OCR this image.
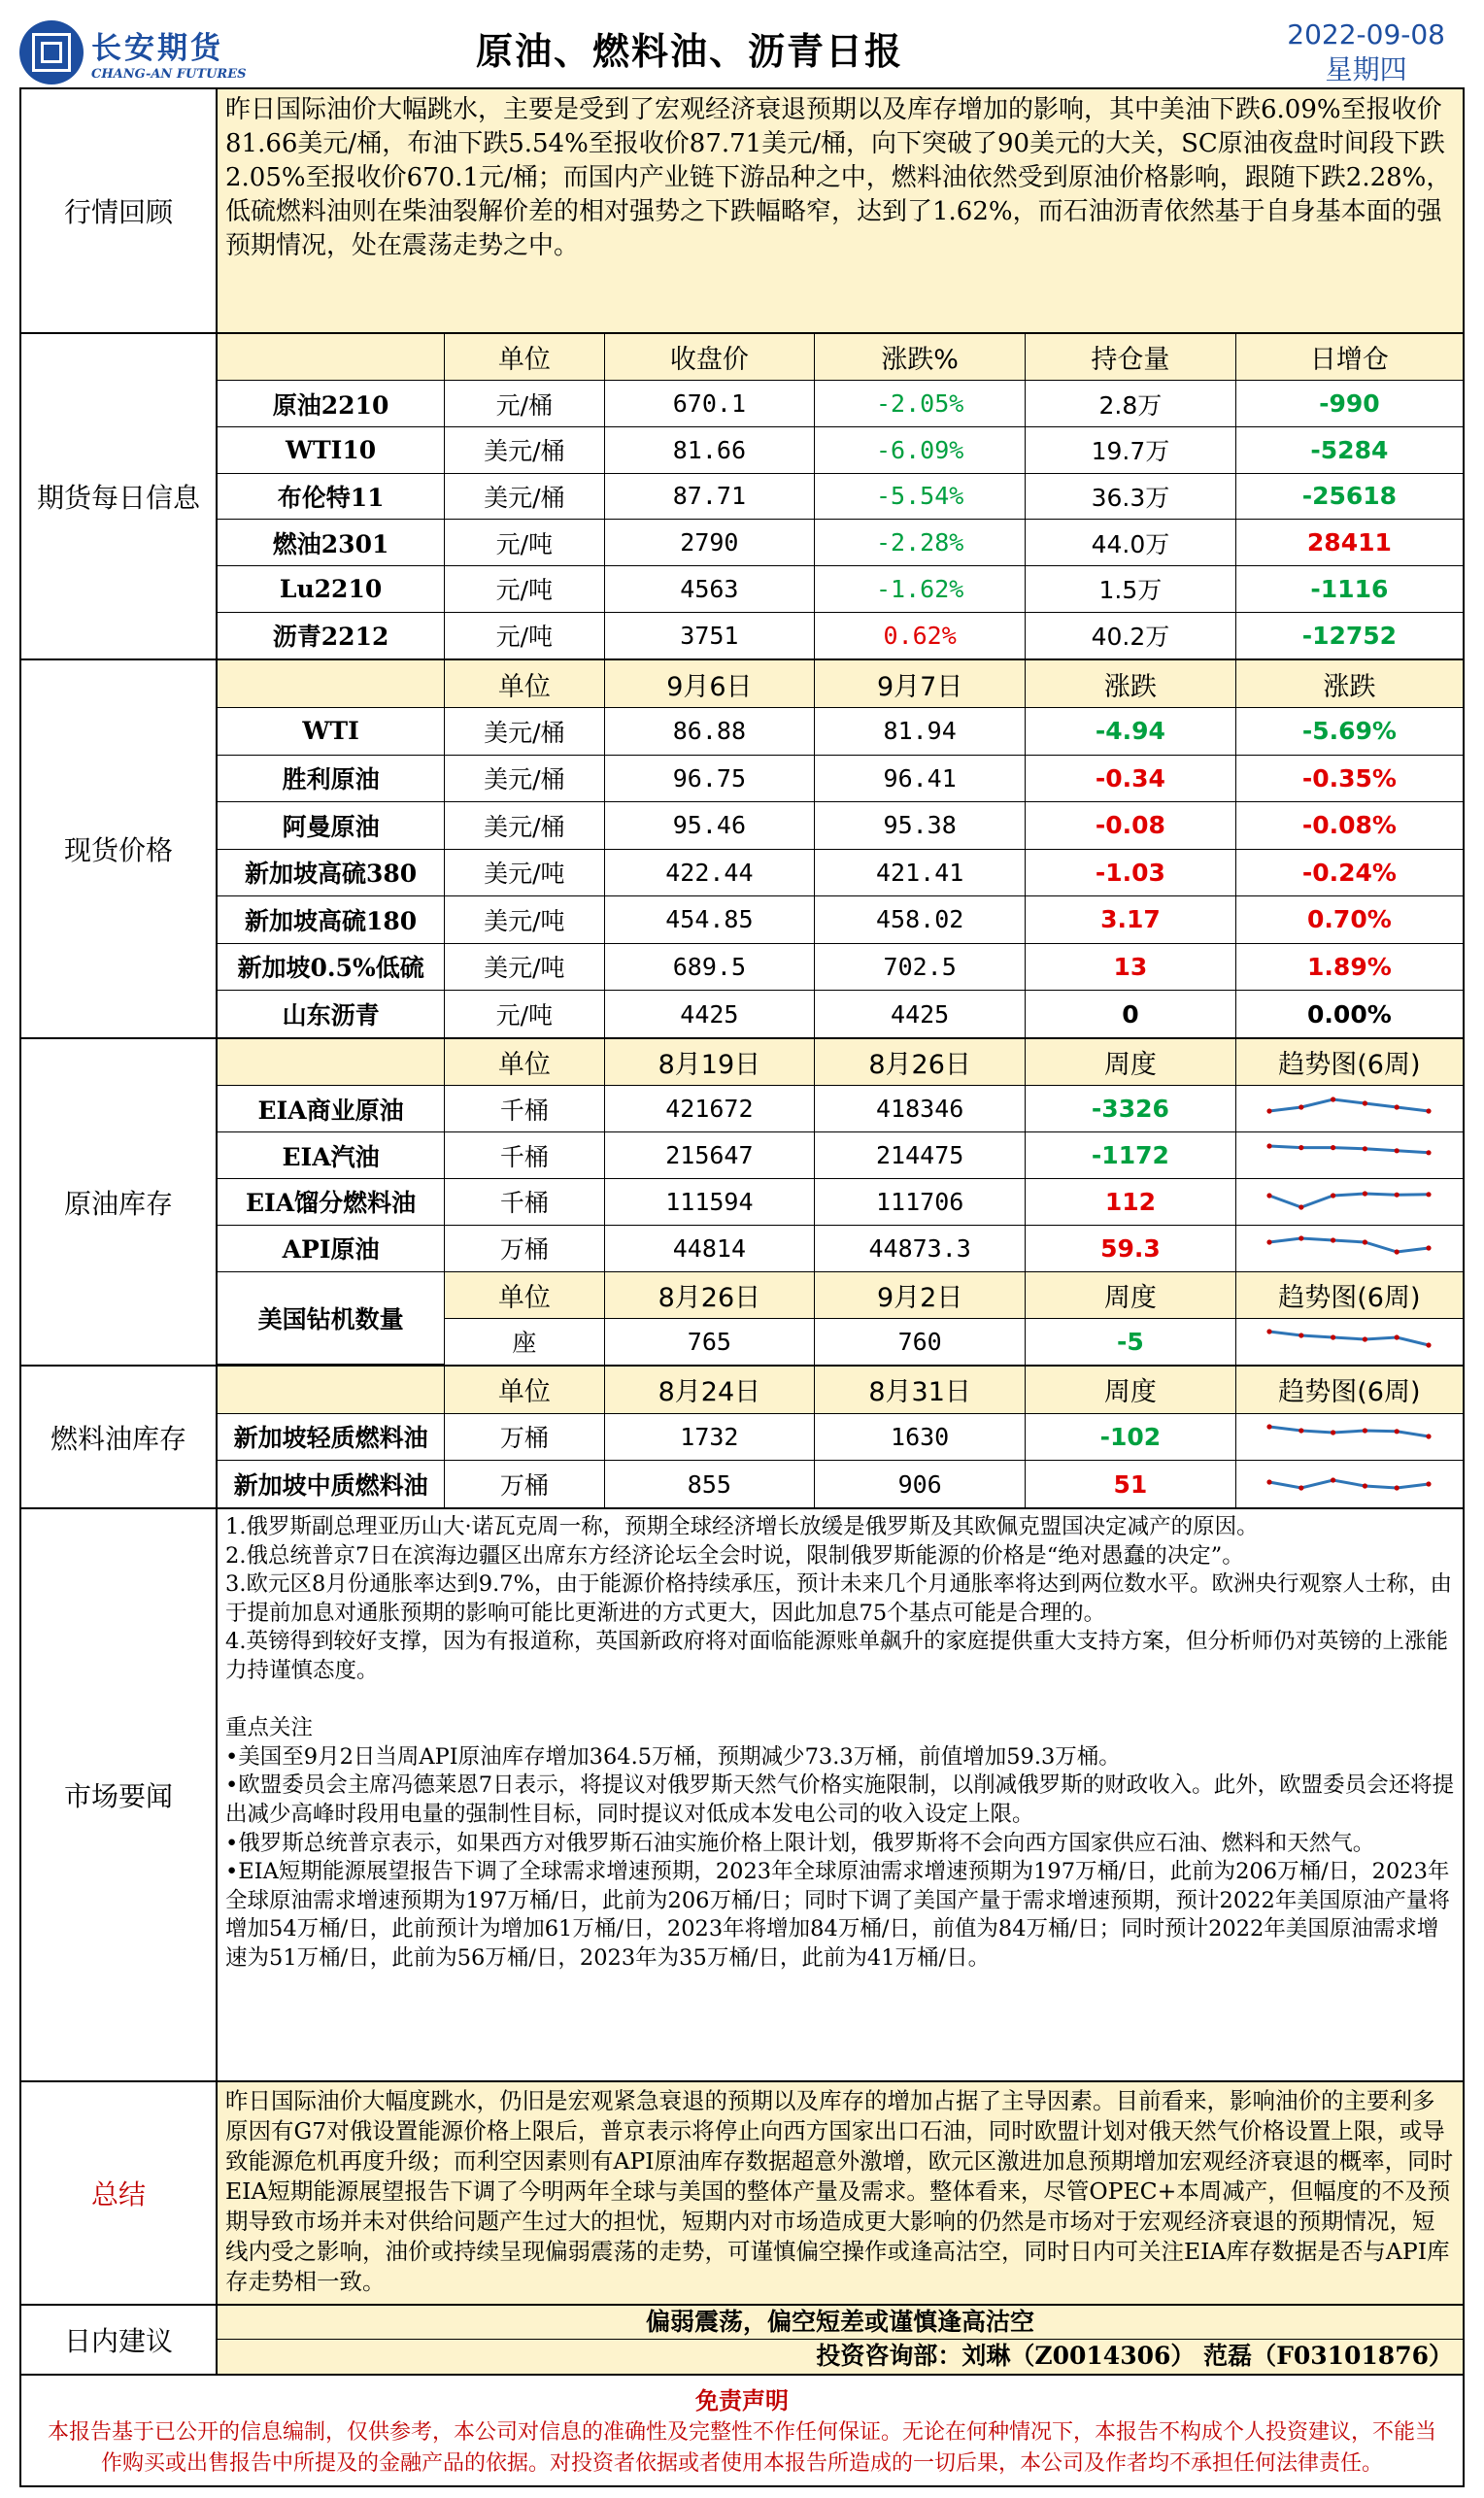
长安期货
CHANG-AN FUTURES
原油、燃料油、沥青日报	2022-09-08
星期四
行情回顾
昨日国际油价大幅跳水，主要是受到了宏观经济衰退预期以及库存增加的影响，其中美油下跌6.09%至报收价81.66美元/桶，布油下跌5.54%至报收价87.71美元/桶，向下突破了90美元的大关，SC原油夜盘时间段下跌2.05%至报收价670.1元/桶；而国内产业链下游品种之中，燃料油依然受到原油价格影响，跟随下跌2.28%，低硫燃料油则在柴油裂解价差的相对强势之下跌幅略窄，达到了1.62%，而石油沥青依然基于自身基本面的强预期情况，处在震荡走势之中。
期货每日信息
	单位	收盘价	涨跌%	持仓量	日增仓
原油2210	元/桶	670.1	-2.05%	2.8万	-990
WTI10	美元/桶	81.66	-6.09%	19.7万	-5284
布伦特11	美元/桶	87.71	-5.54%	36.3万	-25618
燃油2301	元/吨	2790	-2.28%	44.0万	28411
Lu2210	元/吨	4563	-1.62%	1.5万	-1116
沥青2212	元/吨	3751	0.62%	40.2万	-12752
现货价格
	单位	9月6日	9月7日	涨跌	涨跌
WTI	美元/桶	86.88	81.94	-4.94	-5.69%
胜利原油	美元/桶	96.75	96.41	-0.34	-0.35%
阿曼原油	美元/桶	95.46	95.38	-0.08	-0.08%
新加坡高硫380	美元/吨	422.44	421.41	-1.03	-0.24%
新加坡高硫180	美元/吨	454.85	458.02	3.17	0.70%
新加坡0.5%低硫	美元/吨	689.5	702.5	13	1.89%
山东沥青	元/吨	4425	4425	0	0.00%
原油库存
	单位	8月19日	8月26日	周度	趋势图(6周)
EIA商业原油	千桶	421672	418346	-3326	

EIA汽油	千桶	215647	214475	-1172	

EIA馏分燃料油	千桶	111594	111706	112	

API原油	万桶	44814	44873.3	59.3	

美国钻机数量	单位	8月26日	9月2日	周度	趋势图(6周)
	座	765	760	-5	
燃料油库存
	单位	8月24日	8月31日	周度	趋势图(6周)
新加坡轻质燃料油	万桶	1732	1630	-102	

新加坡中质燃料油	万桶	855	906	51	
市场要闻
1.俄罗斯副总理亚历山大·诺瓦克周一称，预期全球经济增长放缓是俄罗斯及其欧佩克盟国决定减产的原因。
2.俄总统普京7日在滨海边疆区出席东方经济论坛全会时说，限制俄罗斯能源的价格是“绝对愚蠢的决定”。
3.欧元区8月份通胀率达到9.7%，由于能源价格持续承压，预计未来几个月通胀率将达到两位数水平。欧洲央行观察人士称，由于提前加息对通胀预期的影响可能比更渐进的方式更大，因此加息75个基点可能是合理的。
4.英镑得到较好支撑，因为有报道称，英国新政府将对面临能源账单飙升的家庭提供重大支持方案，但分析师仍对英镑的上涨能力持谨慎态度。
重点关注
•美国至9月2日当周API原油库存增加364.5万桶，预期减少73.3万桶，前值增加59.3万桶。
•欧盟委员会主席冯德莱恩7日表示，将提议对俄罗斯天然气价格实施限制，以削减俄罗斯的财政收入。此外，欧盟委员会还将提出减少高峰时段用电量的强制性目标，同时提议对低成本发电公司的收入设定上限。
•俄罗斯总统普京表示，如果西方对俄罗斯石油实施价格上限计划，俄罗斯将不会向西方国家供应石油、燃料和天然气。
•EIA短期能源展望报告下调了全球需求增速预期，2023年全球原油需求增速预期为197万桶/日，此前为206万桶/日，2023年全球原油需求增速预期为197万桶/日，此前为206万桶/日；同时下调了美国产量于需求增速预期，预计2022年美国原油产量将增加54万桶/日，此前预计为增加61万桶/日，2023年将增加84万桶/日，前值为84万桶/日；同时预计2022年美国原油需求增速为51万桶/日，此前为56万桶/日，2023年为35万桶/日，此前为41万桶/日。
总结
昨日国际油价大幅度跳水，仍旧是宏观紧急衰退的预期以及库存的增加占据了主导因素。目前看来，影响油价的主要利多原因有G7对俄设置能源价格上限后，普京表示将停止向西方国家出口石油，同时欧盟计划对俄天然气价格设置上限，或导致能源危机再度升级；而利空因素则有API原油库存数据超意外激增，欧元区激进加息预期增加宏观经济衰退的概率，同时EIA短期能源展望报告下调了今明两年全球与美国的整体产量及需求。整体看来，尽管OPEC+本周减产，但幅度的不及预期导致市场并未对供给问题产生过大的担忧，短期内对市场造成更大影响的仍然是市场对于宏观经济衰退的预期情况，短线内受之影响，油价或持续呈现偏弱震荡的走势，可谨慎偏空操作或逢高沽空，同时日内可关注EIA库存数据是否与API库存走势相一致。
日内建议
偏弱震荡，偏空短差或谨慎逢高沽空
投资咨询部：刘琳（Z0014306） 范磊（F03101876）
免责声明
本报告基于已公开的信息编制，仅供参考，本公司对信息的准确性及完整性不作任何保证。无论在何种情况下，本报告不构成个人投资建议，不能当作购买或出售报告中所提及的金融产品的依据。对投资者依据或者使用本报告所造成的一切后果，本公司及作者均不承担任何法律责任。
